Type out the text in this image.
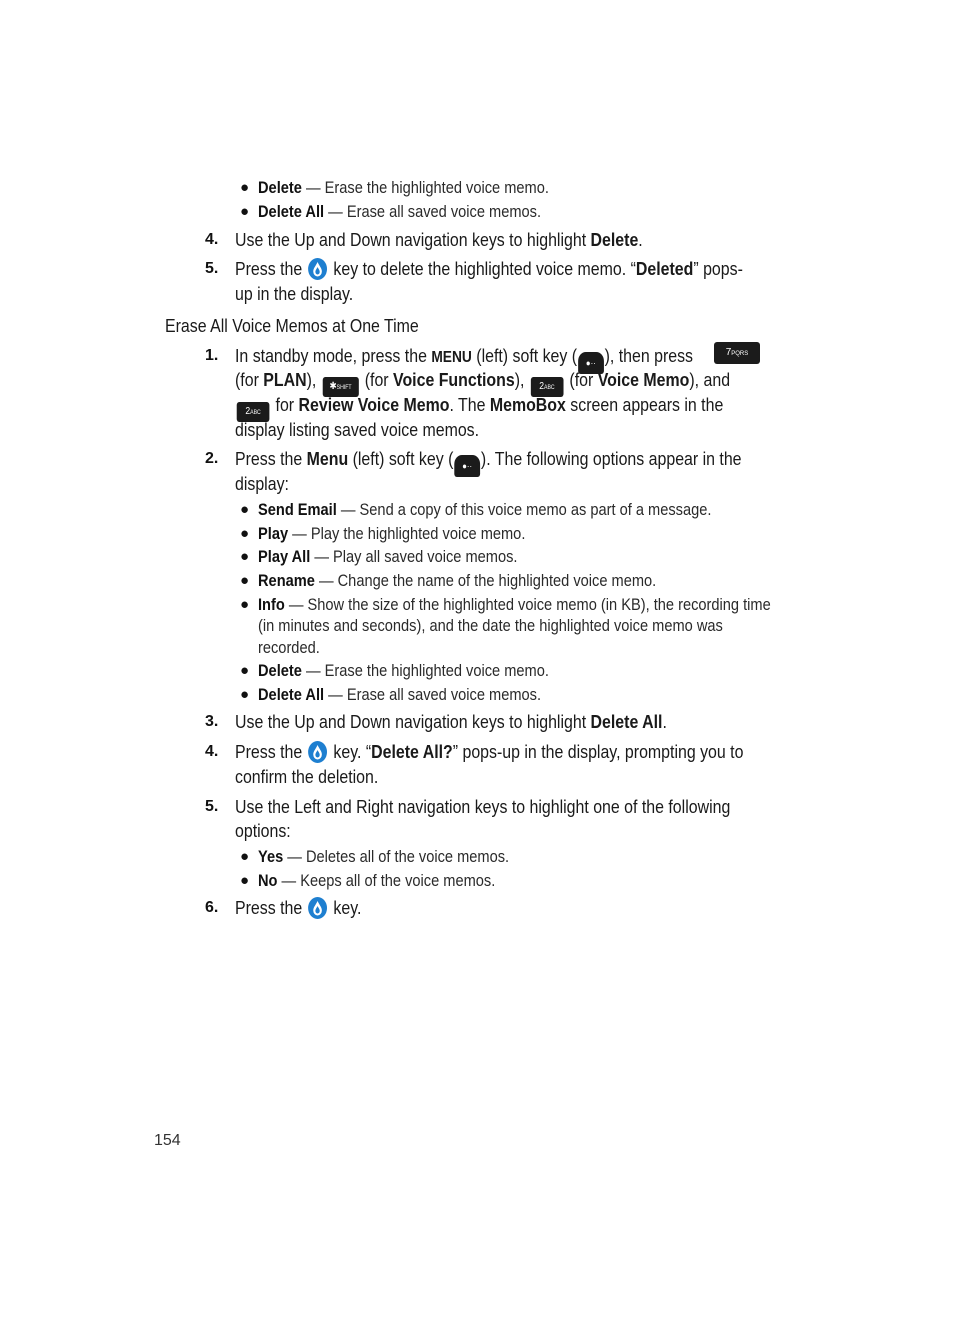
● Delete — Erase the highlighted voice memo.
● Delete All — Erase all saved voice memos.
4. Use the Up and Down navigation keys to highlight Delete.
5. Press the
key to delete the highlighted voice memo. “Deleted” pops-
up in the display.
Erase All Voice Memos at One Time
1. In standby mode, press the MENU (left) soft key ( ●·· ), then press	7PQRS
(for PLAN), ✱SHIFT (for Voice Functions), 2ABC (for Voice Memo), and
2ABC for Review Voice Memo. The MemoBox screen appears in the
display listing saved voice memos.
2. Press the Menu (left) soft key ( ●·· ). The following options appear in the
display:
● Send Email — Send a copy of this voice memo as part of a message.
● Play — Play the highlighted voice memo.
● Play All — Play all saved voice memos.
● Rename — Change the name of the highlighted voice memo.
● Info — Show the size of the highlighted voice memo (in KB), the recording time
(in minutes and seconds), and the date the highlighted voice memo was
recorded.
● Delete — Erase the highlighted voice memo.
● Delete All — Erase all saved voice memos.
3. Use the Up and Down navigation keys to highlight Delete All.
4. Press the
key. “Delete All?” pops-up in the display, prompting you to
confirm the deletion.
5. Use the Left and Right navigation keys to highlight one of the following
options:
● Yes — Deletes all of the voice memos.
● No — Keeps all of the voice memos.
6. Press the
key.
154
